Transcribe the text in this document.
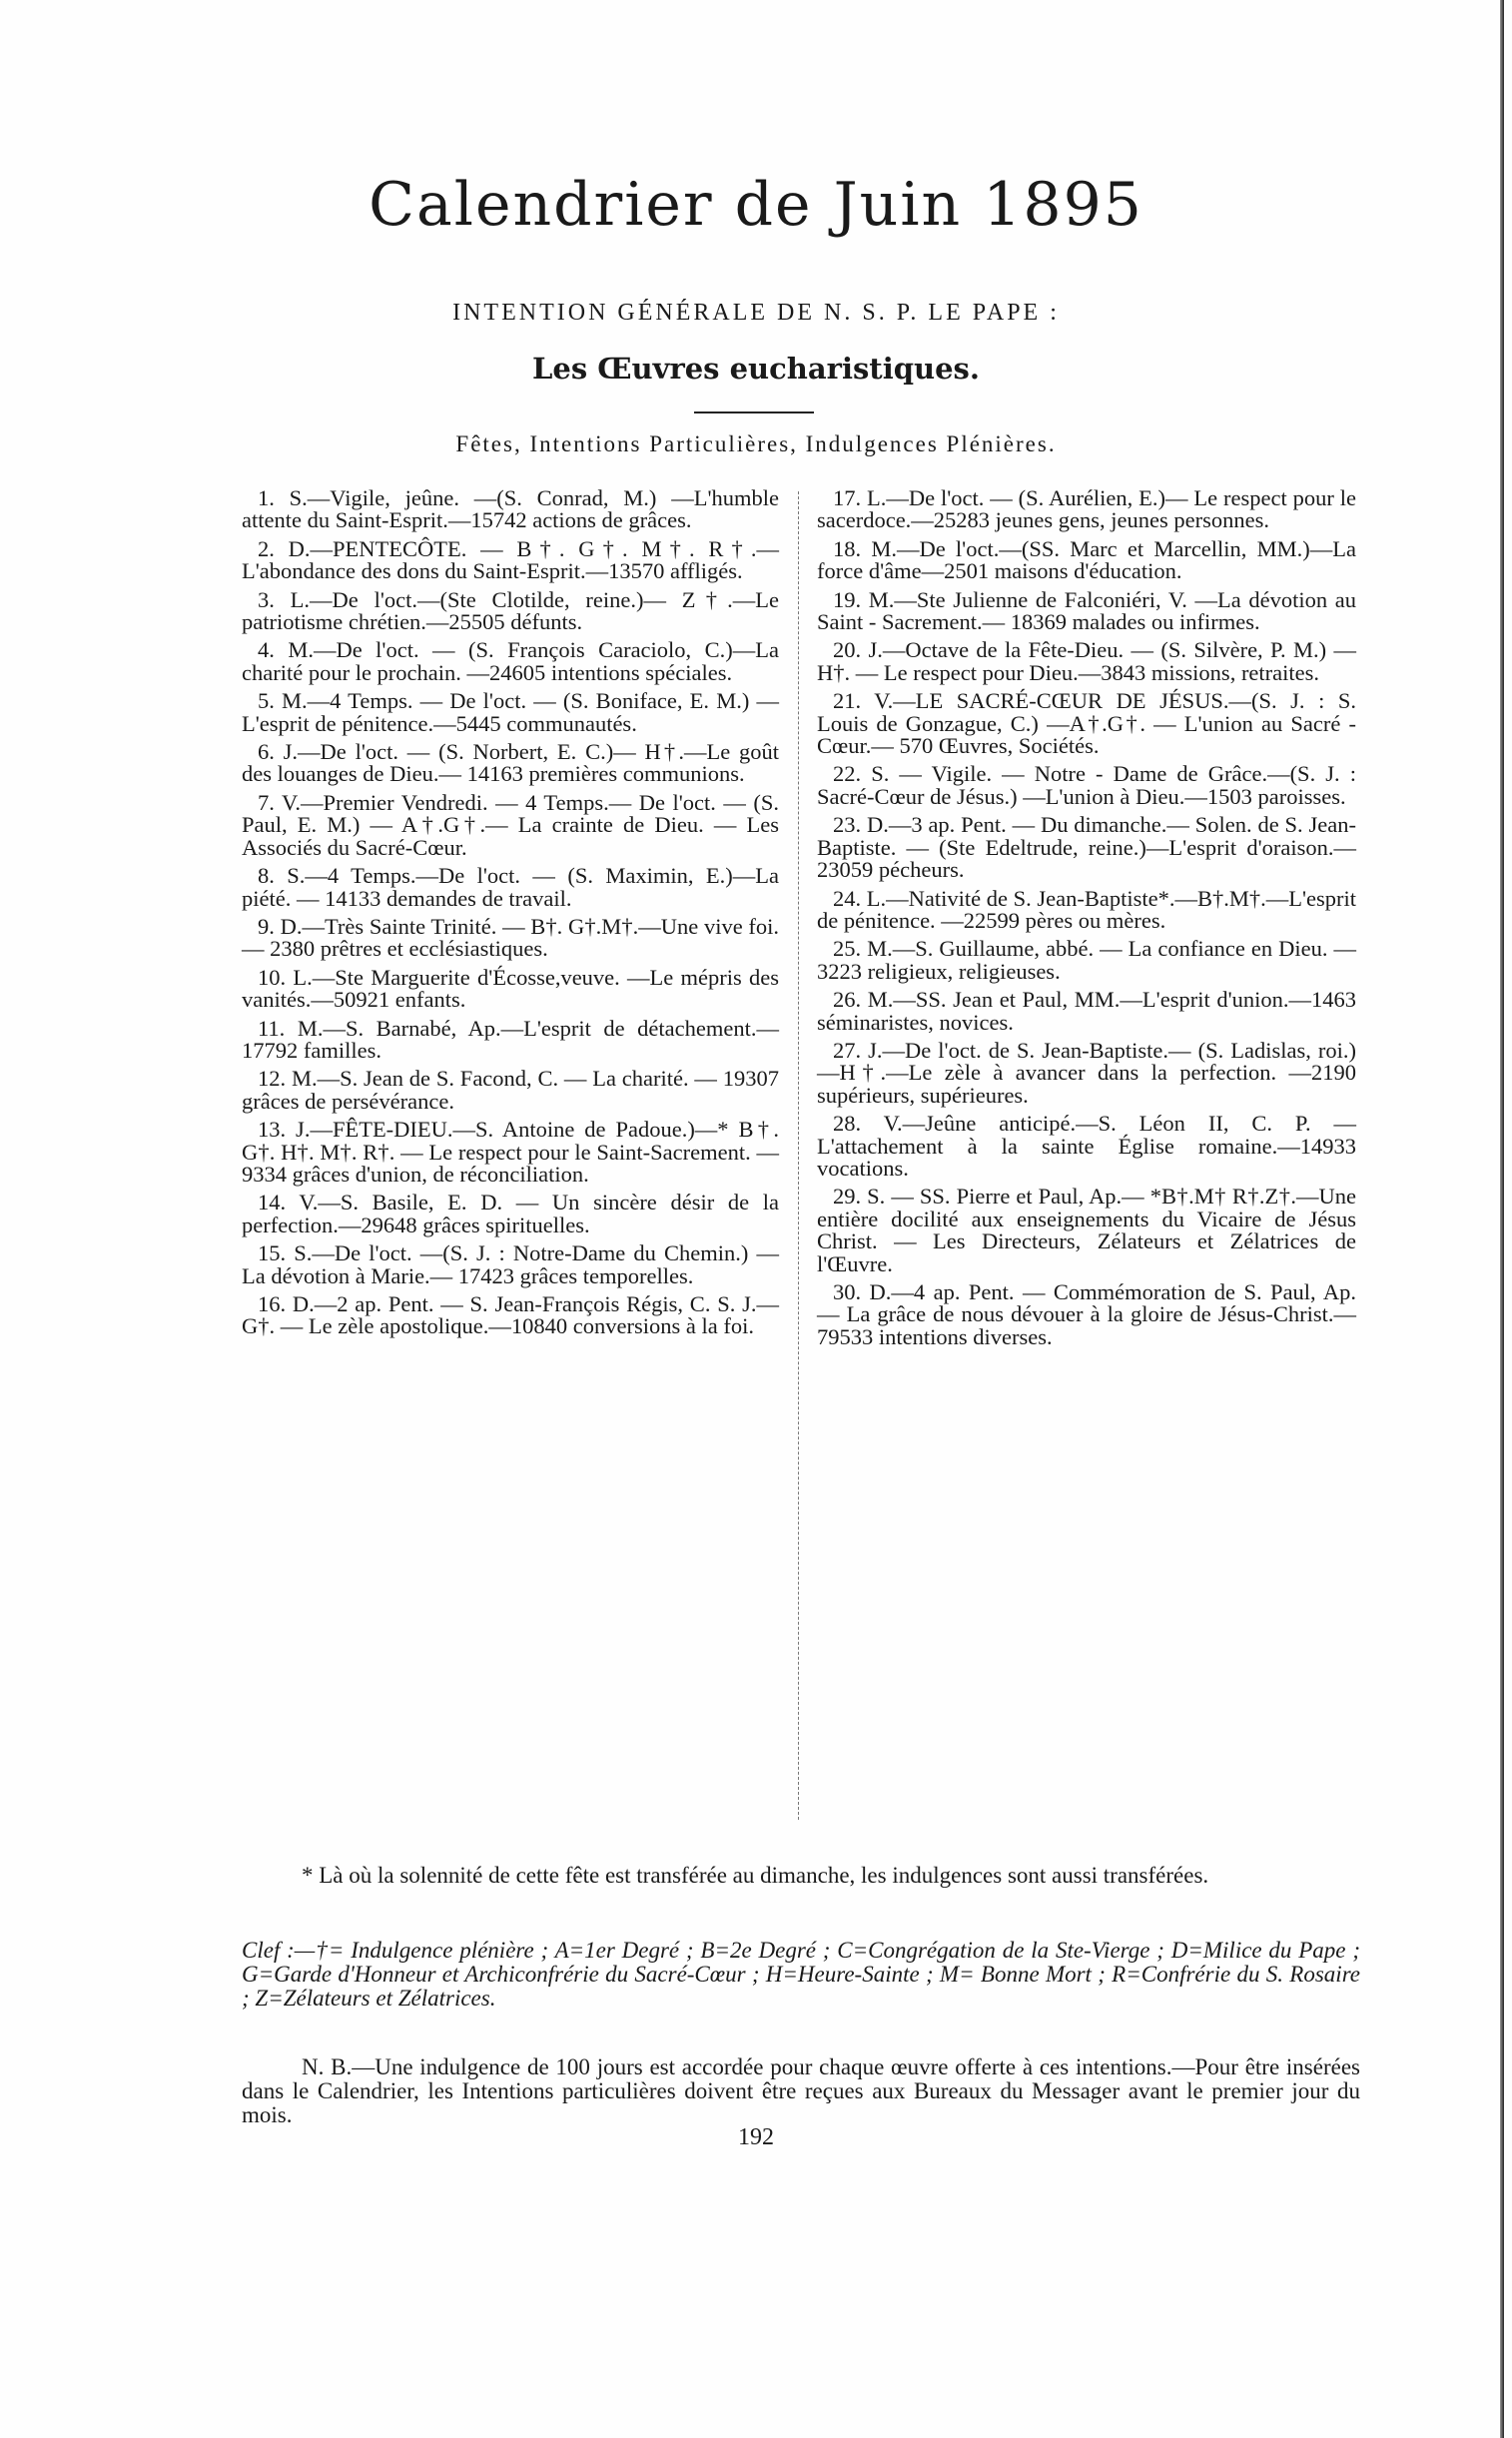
Calendrier de Juin 1895
INTENTION GÉNÉRALE DE N. S. P. LE PAPE :
Les Œuvres eucharistiques.
Fêtes, Intentions Particulières, Indulgences Plénières.

1. S.—Vigile, jeûne. —(S. Conrad, M.) —L'humble attente du Saint-Esprit.—15742 actions de grâces.

2. D.—PENTECÔTE. — B†. G†. M†. R†.—L'abondance des dons du Saint-Esprit.—13570 affligés.

3. L.—De l'oct.—(Ste Clotilde, reine.)— Z†.—Le patriotisme chrétien.—25505 défunts.

4. M.—De l'oct. — (S. François Caraciolo, C.)—La charité pour le prochain. —24605 intentions spéciales.

5. M.—4 Temps. — De l'oct. — (S. Boniface, E. M.) — L'esprit de pénitence.—5445 communautés.

6. J.—De l'oct. — (S. Norbert, E. C.)— H†.—Le goût des louanges de Dieu.— 14163 premières communions.

7. V.—Premier Vendredi. — 4 Temps.— De l'oct. — (S. Paul, E. M.) — A†.G†.— La crainte de Dieu. — Les Associés du Sacré-Cœur.

8. S.—4 Temps.—De l'oct. — (S. Maximin, E.)—La piété. — 14133 demandes de travail.

9. D.—Très Sainte Trinité. — B†. G†.M†.—Une vive foi. — 2380 prêtres et ecclésiastiques.

10. L.—Ste Marguerite d'Écosse,veuve. —Le mépris des vanités.—50921 enfants.

11. M.—S. Barnabé, Ap.—L'esprit de détachement.—17792 familles.

12. M.—S. Jean de S. Facond, C. — La charité. — 19307 grâces de persévérance.

13. J.—FÊTE-DIEU.—S. Antoine de Padoue.)—* B†. G†. H†. M†. R†. — Le respect pour le Saint-Sacrement. — 9334 grâces d'union, de réconciliation.

14. V.—S. Basile, E. D. — Un sincère désir de la perfection.—29648 grâces spirituelles.

15. S.—De l'oct. —(S. J. : Notre-Dame du Chemin.) — La dévotion à Marie.— 17423 grâces temporelles.

16. D.—2 ap. Pent. — S. Jean-François Régis, C. S. J.—G†. — Le zèle apostolique.—10840 conversions à la foi.

17. L.—De l'oct. — (S. Aurélien, E.)— Le respect pour le sacerdoce.—25283 jeunes gens, jeunes personnes.

18. M.—De l'oct.—(SS. Marc et Marcellin, MM.)—La force d'âme—2501 maisons d'éducation.

19. M.—Ste Julienne de Falconiéri, V. —La dévotion au Saint - Sacrement.— 18369 malades ou infirmes.

20. J.—Octave de la Fête-Dieu. — (S. Silvère, P. M.) — H†. — Le respect pour Dieu.—3843 missions, retraites.

21. V.—LE SACRÉ-CŒUR DE JÉSUS.—(S. J. : S. Louis de Gonzague, C.) —A†.G†. — L'union au Sacré - Cœur.— 570 Œuvres, Sociétés.

22. S. — Vigile. — Notre - Dame de Grâce.—(S. J. : Sacré-Cœur de Jésus.) —L'union à Dieu.—1503 paroisses.

23. D.—3 ap. Pent. — Du dimanche.— Solen. de S. Jean-Baptiste. — (Ste Edeltrude, reine.)—L'esprit d'oraison.—23059 pécheurs.

24. L.—Nativité de S. Jean-Baptiste*.—B†.M†.—L'esprit de pénitence. —22599 pères ou mères.

25. M.—S. Guillaume, abbé. — La confiance en Dieu. — 3223 religieux, religieuses.

26. M.—SS. Jean et Paul, MM.—L'esprit d'union.—1463 séminaristes, novices.

27. J.—De l'oct. de S. Jean-Baptiste.— (S. Ladislas, roi.)—H†.—Le zèle à avancer dans la perfection. —2190 supérieurs, supérieures.

28. V.—Jeûne anticipé.—S. Léon II, C. P. — L'attachement à la sainte Église romaine.—14933 vocations.

29. S. — SS. Pierre et Paul, Ap.— *B†.M† R†.Z†.—Une entière docilité aux enseignements du Vicaire de Jésus Christ. — Les Directeurs, Zélateurs et Zélatrices de l'Œuvre.

30. D.—4 ap. Pent. — Commémoration de S. Paul, Ap. — La grâce de nous dévouer à la gloire de Jésus-Christ.— 79533 intentions diverses.

* Là où la solennité de cette fête est transférée au dimanche, les indulgences sont aussi transférées.

Clef :—†= Indulgence plénière ; A=1er Degré ; B=2e Degré ; C=Congrégation de la Ste-Vierge ; D=Milice du Pape ; G=Garde d'Honneur et Archiconfrérie du Sacré-Cœur ; H=Heure-Sainte ; M= Bonne Mort ; R=Confrérie du S. Rosaire ; Z=Zélateurs et Zélatrices.

N. B.—Une indulgence de 100 jours est accordée pour chaque œuvre offerte à ces intentions.—Pour être insérées dans le Calendrier, les Intentions particulières doivent être reçues aux Bureaux du Messager avant le premier jour du mois.

192
